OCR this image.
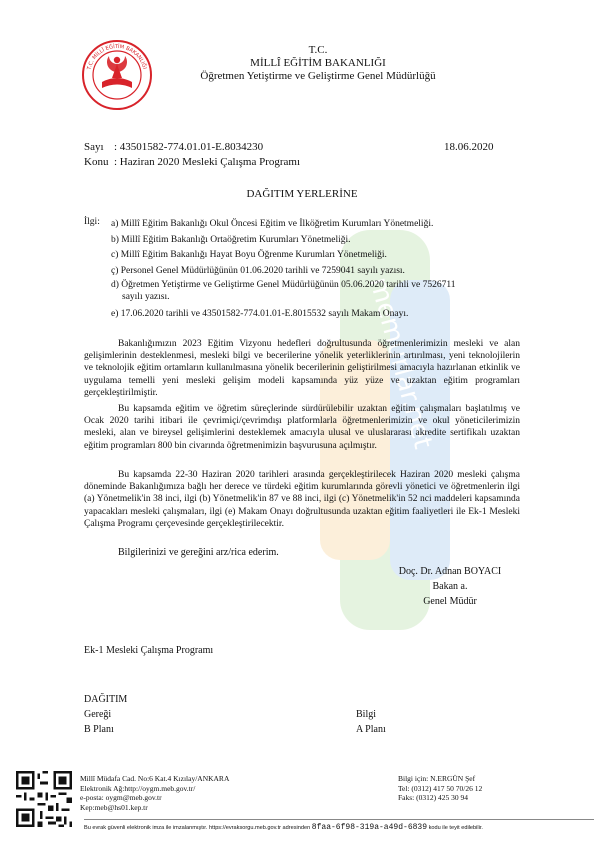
T.C. MİLLÎ EĞİTİM BAKANLIĞI
T.C.
MİLLÎ EĞİTİM BAKANLIĞI
Öğretmen Yetiştirme ve Geliştirme Genel Müdürlüğü
memurlar.net
Sayı : 43501582-774.01.01-E.8034230	18.06.2020
Konu : Haziran 2020 Mesleki Çalışma Programı
DAĞITIM YERLERİNE
İlgi: a) Millî Eğitim Bakanlığı Okul Öncesi Eğitim ve İlköğretim Kurumları Yönetmeliği.
b) Millî Eğitim Bakanlığı Ortaöğretim Kurumları Yönetmeliği.
c) Millî Eğitim Bakanlığı Hayat Boyu Öğrenme Kurumları Yönetmeliği.
ç) Personel Genel Müdürlüğünün 01.06.2020 tarihli ve 7259041 sayılı yazısı.
d) Öğretmen Yetiştirme ve Geliştirme Genel Müdürlüğünün 05.06.2020 tarihli ve 7526711
sayılı yazısı.
e) 17.06.2020 tarihli ve 43501582-774.01.01-E.8015532 sayılı Makam Onayı.
Bakanlığımızın 2023 Eğitim Vizyonu hedefleri doğrultusunda öğretmenlerimizin mesleki ve alan gelişimlerinin desteklenmesi, mesleki bilgi ve becerilerine yönelik yeterliklerinin artırılması, yeni teknolojilerin ve teknolojik eğitim ortamların kullanılmasına yönelik becerilerinin geliştirilmesi amacıyla hazırlanan etkinlik ve uygulama temelli yeni mesleki gelişim modeli kapsamında yüz yüze ve uzaktan eğitim programları gerçekleştirilmiştir.
Bu kapsamda eğitim ve öğretim süreçlerinde sürdürülebilir uzaktan eğitim çalışmaları başlatılmış ve Ocak 2020 tarihi itibari ile çevrimiçi/çevrimdışı platformlarla öğretmenlerimizin ve okul yöneticilerimizin mesleki, alan ve bireysel gelişimlerini desteklemek amacıyla ulusal ve uluslararası akredite sertifikalı uzaktan eğitim programları 800 bin civarında öğretmenimizin başvurusuna açılmıştır.
Bu kapsamda 22-30 Haziran 2020 tarihleri arasında gerçekleştirilecek Haziran 2020 mesleki çalışma döneminde Bakanlığımıza bağlı her derece ve türdeki eğitim kurumlarında görevli yönetici ve öğretmenlerin ilgi (a) Yönetmelik'in 38 inci, ilgi (b) Yönetmelik'in 87 ve 88 inci, ilgi (c) Yönetmelik'in 52 nci maddeleri kapsamında yapacakları mesleki çalışmaları, ilgi (e) Makam Onayı doğrultusunda uzaktan eğitim faaliyetleri ile Ek-1 Mesleki Çalışma Programı çerçevesinde gerçekleştirilecektir.
Bilgilerinizi ve gereğini arz/rica ederim.
Doç. Dr. Adnan BOYACI
Bakan a.
Genel Müdür
Ek-1 Mesleki Çalışma Programı
DAĞITIM
Gereği
B Planı
Bilgi
A Planı
Millî Müdafa Cad. No:6 Kat.4 Kızılay/ANKARA
Elektronik Ağ:http://oygm.meb.gov.tr/
e-posta: oygm@meb.gov.tr
Kep:meb@hs01.kep.tr
Bilgi için: N.ERGÜN Şef
Tel: (0312) 417 50 70/26 12
Faks: (0312) 425 30 94
Bu evrak güvenli elektronik imza ile imzalanmıştır. https://evraksorgu.meb.gov.tr adresinden 8faa-6f98-319a-a49d-6839 kodu ile teyit edilebilir.
